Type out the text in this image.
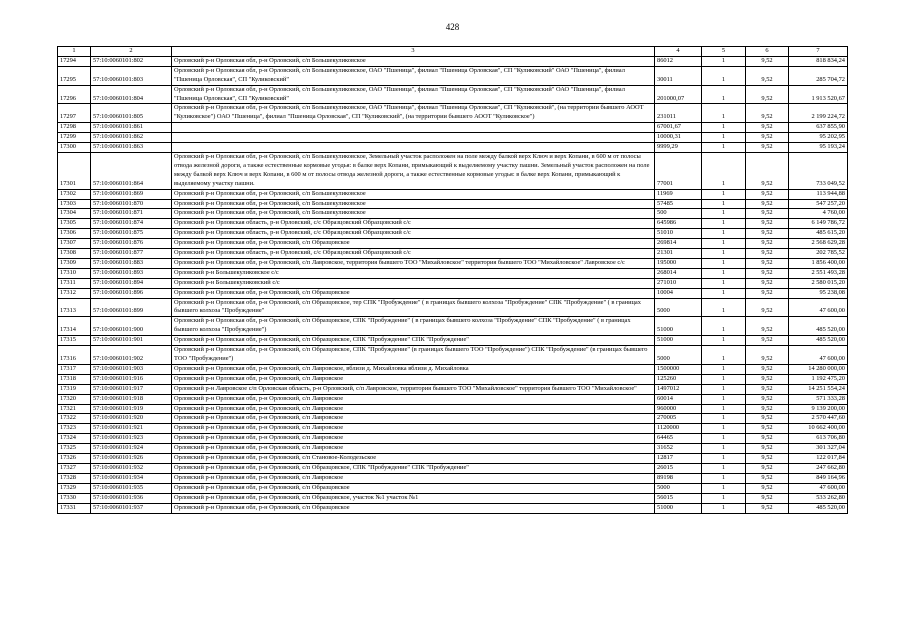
428
1	2	3	4	5	6	7
17294	57:10:0060101:802	Орловский р-н Орловская обл, р-н Орловский, с/п Большекуликовское	86012	1	9,52	818 834,24
17295	57:10:0060101:803	Орловский р-н Орловская обл, р-н Орловский, с/п Большекуликовское, ОАО "Пшеница", филиал "Пшеница Орловская", СП "Куликовский" ОАО "Пшеница", филиал "Пшеница Орловская", СП "Куликовский"	30011	1	9,52	285 704,72
17296	57:10:0060101:804	Орловский р-н Орловская обл, р-н Орловский, с/п Большекуликовское, ОАО "Пшеница", филиал "Пшеница Орловская", СП "Куликовский" ОАО "Пшеница", филиал "Пшеница Орловская", СП "Куликовский"	201000,07	1	9,52	1 913 520,67
17297	57:10:0060101:805	Орловский р-н Орловская обл, р-н Орловский, с/п Большекуликовское, ОАО "Пшеница", филиал "Пшеница Орловская", СП "Куликовский", (на территории бывшего АООТ "Куликовское") ОАО "Пшеница", филиал "Пшеница Орловская", СП "Куликовский", (на территории бывшего АООТ "Куликовское")	231011	1	9,52	2 199 224,72
17298	57:10:0060101:861		67001,67	1	9,52	637 855,90
17299	57:10:0060101:862		10000,31	1	9,52	95 202,95
17300	57:10:0060101:863		9999,29	1	9,52	95 193,24
17301	57:10:0060101:864	Орловский р-н Орловская обл, р-н Орловский, с/п Большекуликовское, Земельный участок расположен на поле между балкой верх Ключ и верх Копани, в 600 м от полосы отвода железной дороги, а также естественные кормовые угодья: в балке верх Копани, примыкающий к выделяемому участку пашни. Земельный участок расположен на поле между балкой верх Ключ и верх Копани, в 600 м от полосы отвода железной дороги, а также естественные кормовые угодья: в балке верх Копани, примыкающий к выделяемому участку пашни.	77001	1	9,52	733 049,52
17302	57:10:0060101:869	Орловский р-н Орловская обл, р-н Орловский, с/п Большекуликовское	11969	1	9,52	113 944,88
17303	57:10:0060101:870	Орловский р-н Орловская обл, р-н Орловский, с/п Большекуликовское	57485	1	9,52	547 257,20
17304	57:10:0060101:871	Орловский р-н Орловская обл, р-н Орловский, с/п Большекуликовское	500	1	9,52	4 760,00
17305	57:10:0060101:874	Орловский р-н Орловская область, р-н Орловский, с/с Образцовский Образцовский с/с	645986	1	9,52	6 149 786,72
17306	57:10:0060101:875	Орловский р-н Орловская область, р-н Орловский, с/с Образцовский Образцовский с/с	51010	1	9,52	485 615,20
17307	57:10:0060101:876	Орловский р-н Орловская обл, р-н Орловский, с/п Образцовское	269814	1	9,52	2 568 629,28
17308	57:10:0060101:877	Орловский р-н Орловская область, р-н Орловский, с/с Образцовский Образцовский с/с	21301	1	9,52	202 785,52
17309	57:10:0060101:883	Орловский р-н Орловская обл, р-н Орловский, с/п Лавровское, территория бывшего ТОО "Михайловское" территория бывшего ТОО "Михайловское" Лавровское с/с	195000	1	9,52	1 856 400,00
17310	57:10:0060101:893	Орловский р-н Большекуликовское с/с	268014	1	9,52	2 551 493,28
17311	57:10:0060101:894	Орловский р-н Большекуликовский с/с	271010	1	9,52	2 580 015,20
17312	57:10:0060101:896	Орловский р-н Орловская обл, р-н Орловский, с/п Образцовское	10004	1	9,52	95 238,08
17313	57:10:0060101:899	Орловский р-н Орловская обл, р-н Орловский, с/п Образцовское, тер СПК "Пробуждение" ( в границах бывшего колхоза "Пробуждение" СПК "Пробуждение" ( в границах бывшего колхоза "Пробуждение"	5000	1	9,52	47 600,00
17314	57:10:0060101:900	Орловский р-н Орловская обл, р-н Орловский, с/п Образцовское, СПК "Пробуждение" ( в границах бывшего колхоза "Пробуждение" СПК "Пробуждение" ( в границах бывшего колхоза "Пробуждение")	51000	1	9,52	485 520,00
17315	57:10:0060101:901	Орловский р-н Орловская обл, р-н Орловский, с/п Образцовское, СПК "Пробуждение" СПК "Пробуждение"	51000	1	9,52	485 520,00
17316	57:10:0060101:902	Орловский р-н Орловская обл, р-н Орловский, с/п Образцовское, СПК "Пробуждение" (в границах бывшего ТОО "Пробуждение") СПК "Пробуждение" (в границах бывшего ТОО "Пробуждение")	5000	1	9,52	47 600,00
17317	57:10:0060101:903	Орловский р-н Орловская обл, р-н Орловский, с/п Лавровское, вблизи д. Михайловка вблизи д. Михайловка	1500000	1	9,52	14 280 000,00
17318	57:10:0060101:916	Орловский р-н Орловская обл, р-н Орловский, с/п Лавровское	125260	1	9,52	1 192 475,20
17319	57:10:0060101:917	Орловский р-н Лавровское с/п Орловская область, р-н Орловский, с/п Лавровское, территория бывшего ТОО "Михайловское" территория бывшего ТОО "Михайловское"	1497012	1	9,52	14 251 554,24
17320	57:10:0060101:918	Орловский р-н Орловская обл, р-н Орловский, с/п Лавровское	60014	1	9,52	571 333,28
17321	57:10:0060101:919	Орловский р-н Орловская обл, р-н Орловский, с/п Лавровское	960000	1	9,52	9 139 200,00
17322	57:10:0060101:920	Орловский р-н Орловская обл, р-н Орловский, с/п Лавровское	270005	1	9,52	2 570 447,60
17323	57:10:0060101:921	Орловский р-н Орловская обл, р-н Орловский, с/п Лавровское	1120000	1	9,52	10 662 400,00
17324	57:10:0060101:923	Орловский р-н Орловская обл, р-н Орловский, с/п Лавровское	64465	1	9,52	613 706,80
17325	57:10:0060101:924	Орловский р-н Орловская обл, р-н Орловский, с/п Лавровское	31652	1	9,52	301 327,04
17326	57:10:0060101:926	Орловский р-н Орловская обл, р-н Орловский, с/п Становое-Колодезьское	12817	1	9,52	122 017,84
17327	57:10:0060101:932	Орловский р-н Орловская обл, р-н Орловский, с/п Образцовское, СПК "Пробуждение" СПК "Пробуждение"	26015	1	9,52	247 662,80
17328	57:10:0060101:934	Орловский р-н Орловская обл, р-н Орловский, с/п Лавровское	89198	1	9,52	849 164,96
17329	57:10:0060101:935	Орловский р-н Орловская обл, р-н Орловский, с/п Образцовское	5000	1	9,52	47 600,00
17330	57:10:0060101:936	Орловский р-н Орловская обл, р-н Орловский, с/п Образцовское, участок №1 участок №1	56015	1	9,52	533 262,80
17331	57:10:0060101:937	Орловский р-н Орловская обл, р-н Орловский, с/п Образцовское	51000	1	9,52	485 520,00
